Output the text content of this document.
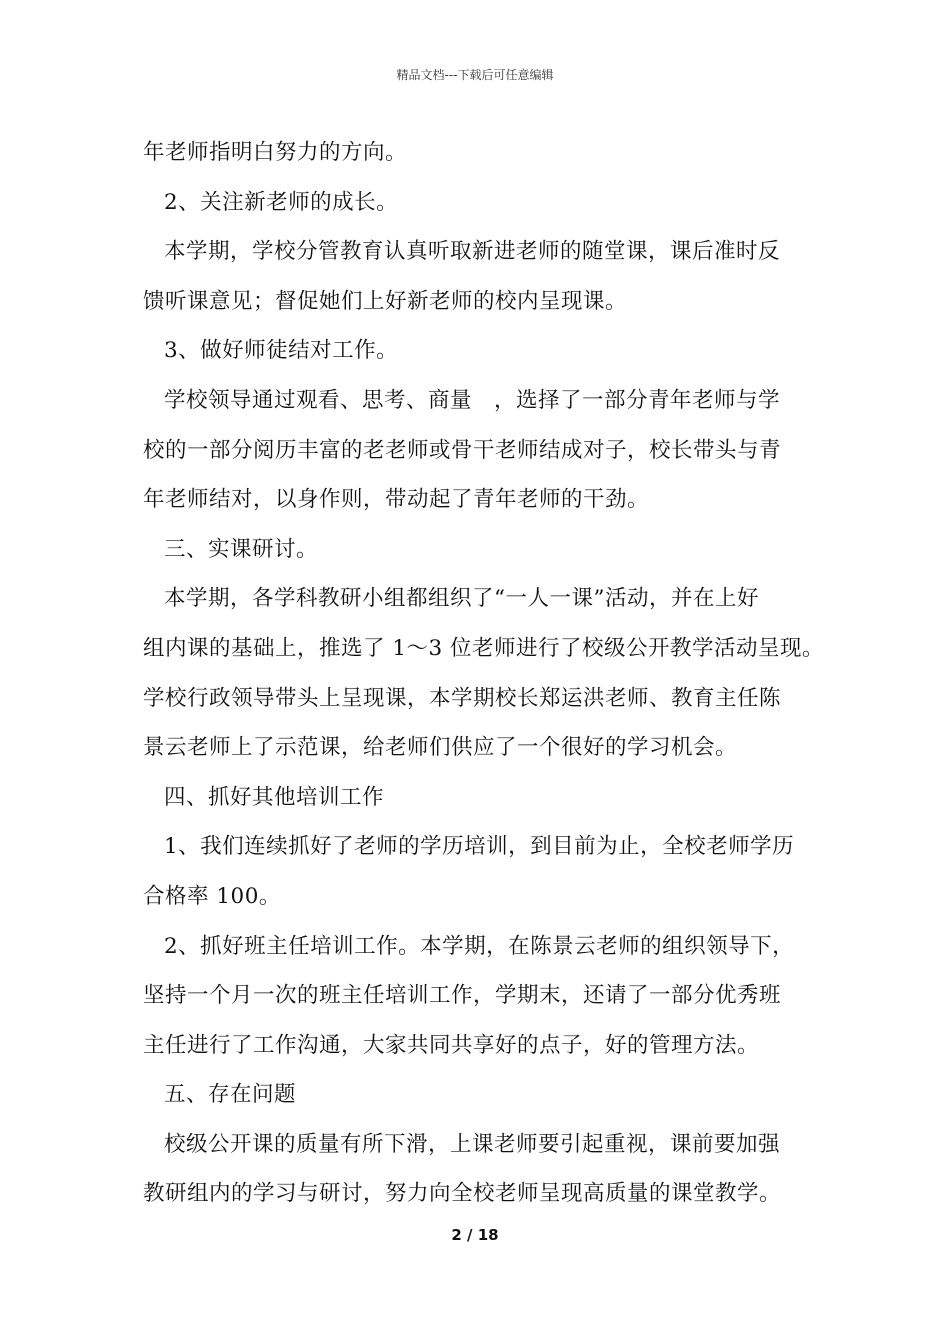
精品文档---下载后可任意编辑
年老师指明白努力的方向。
2、关注新老师的成长。
本学期，学校分管教育认真听取新进老师的随堂课，课后准时反
馈听课意见；督促她们上好新老师的校内呈现课。
3、做好师徒结对工作。
学校领导通过观看、思考、商量　，选择了一部分青年老师与学
校的一部分阅历丰富的老老师或骨干老师结成对子，校长带头与青
年老师结对，以身作则，带动起了青年老师的干劲。
三、实课研讨。
本学期，各学科教研小组都组织了“一人一课”活动，并在上好
组内课的基础上，推选了 1～3 位老师进行了校级公开教学活动呈现。
学校行政领导带头上呈现课，本学期校长郑运洪老师、教育主任陈
景云老师上了示范课，给老师们供应了一个很好的学习机会。
四、抓好其他培训工作
1、我们连续抓好了老师的学历培训，到目前为止，全校老师学历
合格率 100。
2、抓好班主任培训工作。本学期，在陈景云老师的组织领导下，
坚持一个月一次的班主任培训工作，学期末，还请了一部分优秀班
主任进行了工作沟通，大家共同共享好的点子，好的管理方法。
五、存在问题
校级公开课的质量有所下滑，上课老师要引起重视，课前要加强
教研组内的学习与研讨，努力向全校老师呈现高质量的课堂教学。
2 / 18
